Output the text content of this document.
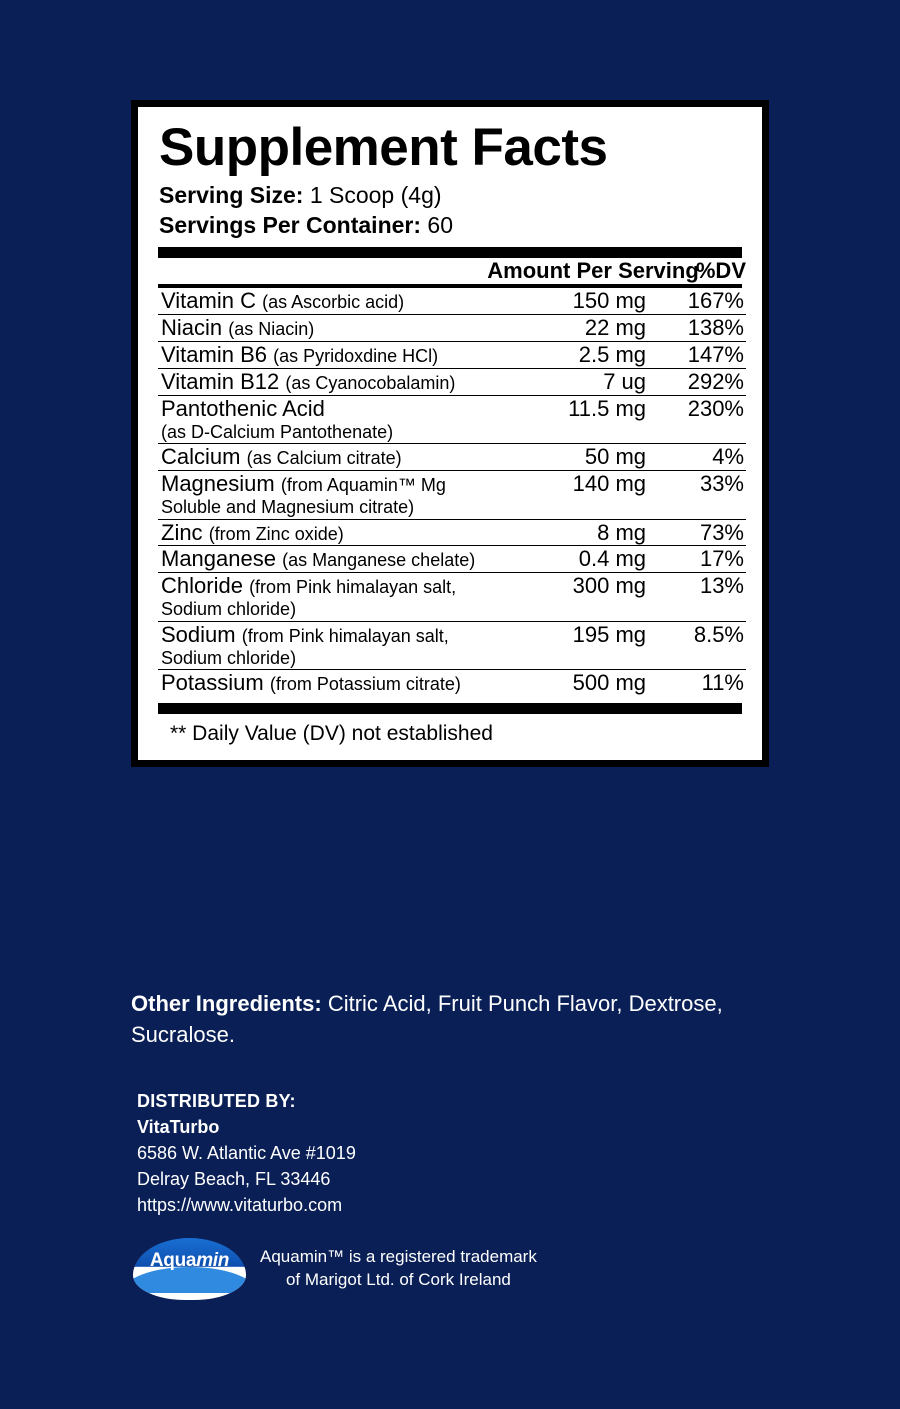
Supplement Facts
Serving Size: 1 Scoop (4g)
Servings Per Container: 60
	Amount Per Serving	%DV
Vitamin C (as Ascorbic acid)	150 mg	167%
Niacin (as Niacin)	22 mg	138%
Vitamin B6 (as Pyridoxdine HCl)	2.5 mg	147%
Vitamin B12 (as Cyanocobalamin)	7 ug	292%
Pantothenic Acid
(as D-Calcium Pantothenate)	11.5 mg	230%
Calcium (as Calcium citrate)	50 mg	4%
Magnesium (from Aquamin™ Mg
Soluble and Magnesium citrate)	140 mg	33%
Zinc (from Zinc oxide)	8 mg	73%
Manganese (as Manganese chelate)	0.4 mg	17%
Chloride (from Pink himalayan salt,
Sodium chloride)	300 mg	13%
Sodium (from Pink himalayan salt,
Sodium chloride)	195 mg	8.5%
Potassium (from Potassium citrate)	500 mg	11%
** Daily Value (DV) not established
Other Ingredients: Citric Acid, Fruit Punch Flavor, Dextrose, Sucralose.
DISTRIBUTED BY:
VitaTurbo
6586 W. Atlantic Ave #1019
Delray Beach, FL 33446
https://www.vitaturbo.com
Aquamin
™
Aquamin™ is a registered trademark
of Marigot Ltd. of Cork Ireland
